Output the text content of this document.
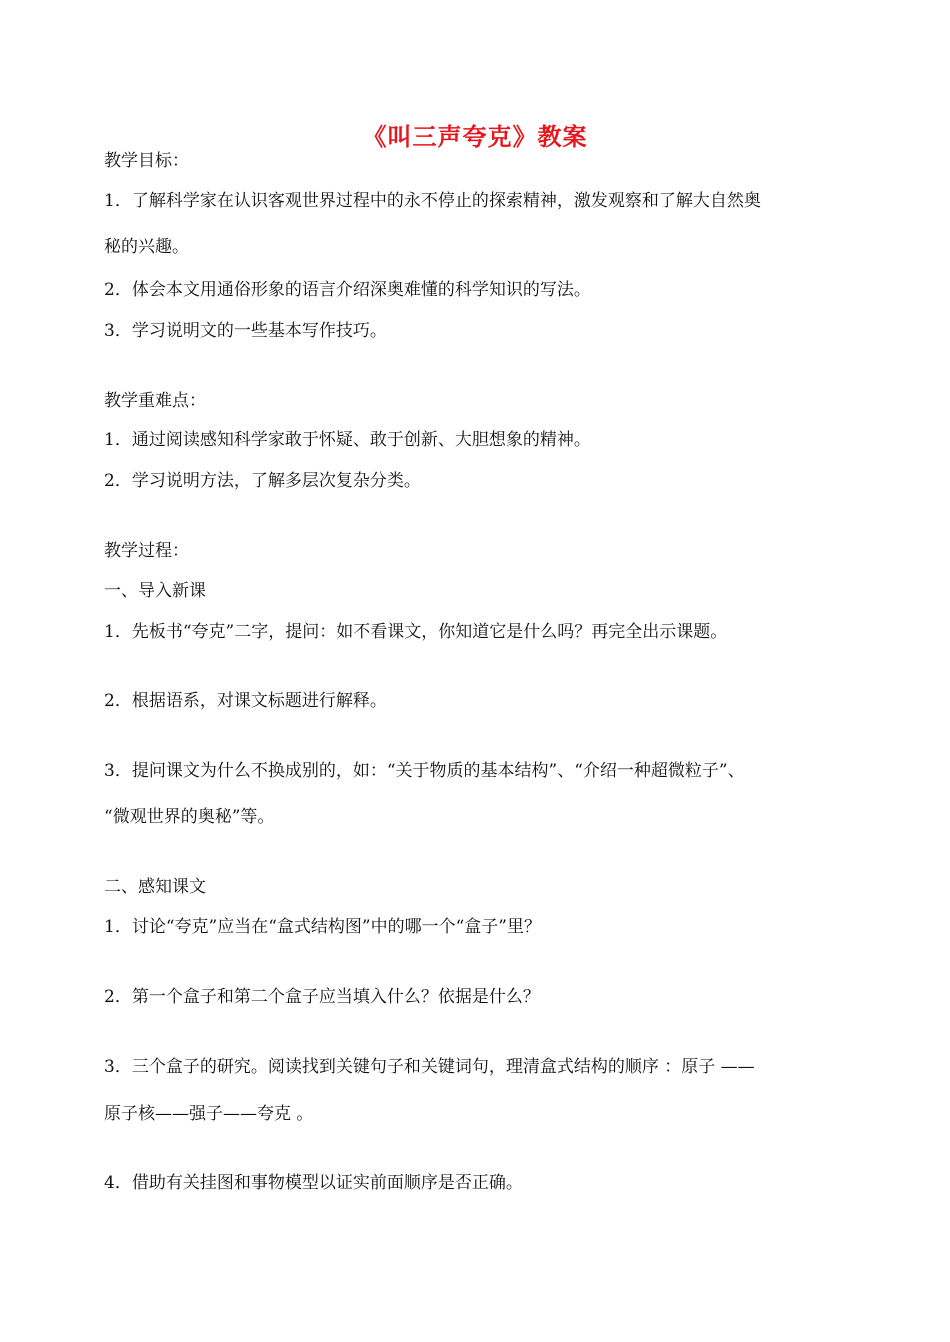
《叫三声夸克》教案
教学目标：
1．了解科学家在认识客观世界过程中的永不停止的探索精神，激发观察和了解大自然奥
秘的兴趣。
2．体会本文用通俗形象的语言介绍深奥难懂的科学知识的写法。
3．学习说明文的一些基本写作技巧。
教学重难点：
1．通过阅读感知科学家敢于怀疑、敢于创新、大胆想象的精神。
2．学习说明方法，了解多层次复杂分类。
教学过程：
一、导入新课
1．先板书“夸克”二字，提问：如不看课文，你知道它是什么吗？再完全出示课题。
2．根据语系，对课文标题进行解释。
3．提问课文为什么不换成别的，如：“关于物质的基本结构”、“介绍一种超微粒子”、
“微观世界的奥秘”等。
二、感知课文
1．讨论“夸克”应当在“盒式结构图”中的哪一个“盒子”里？
2．第一个盒子和第二个盒子应当填入什么？依据是什么？
3．三个盒子的研究。阅读找到关键句子和关键词句，理清盒式结构的顺序 ：原子 ——
原子核——强子——夸克 。
4．借助有关挂图和事物模型以证实前面顺序是否正确。
